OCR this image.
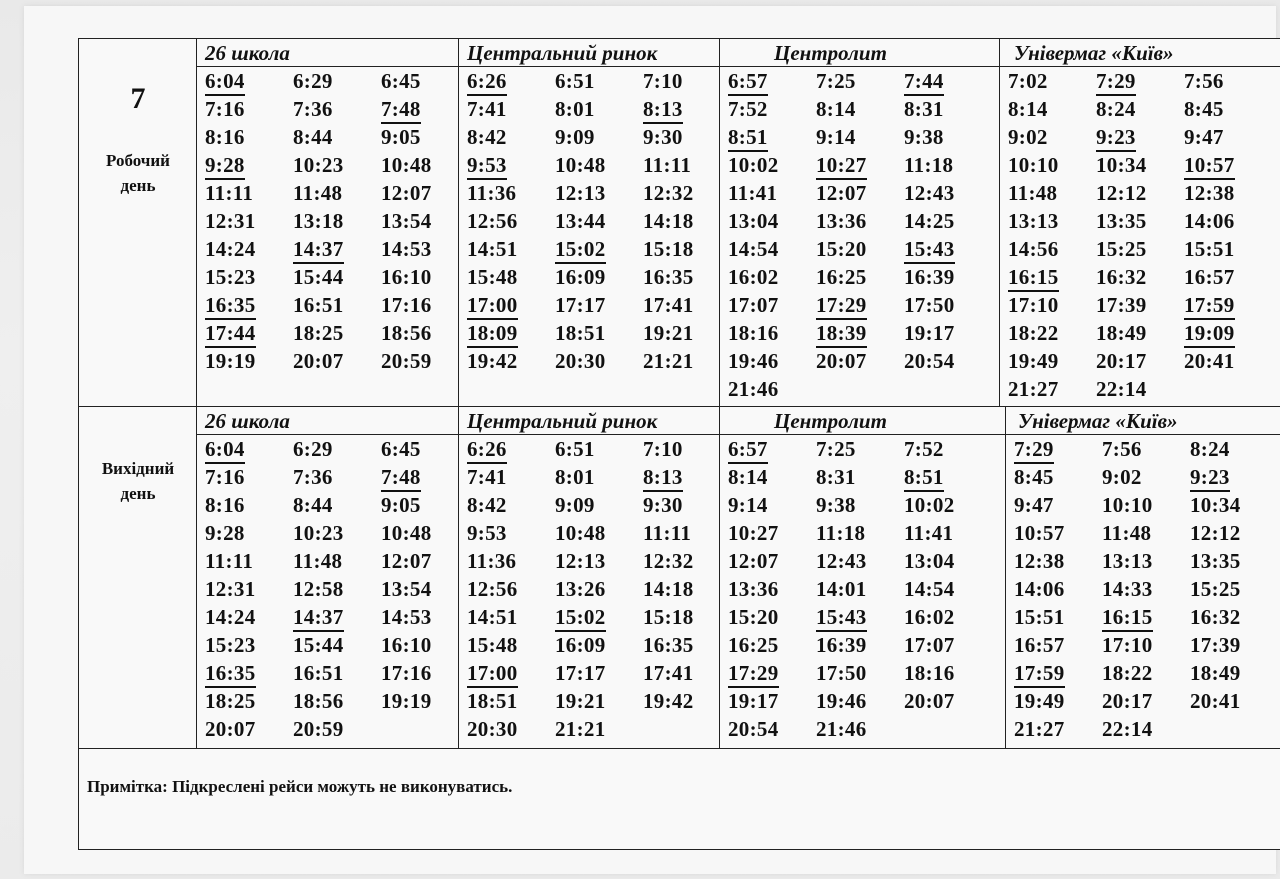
7
Робочий
день
26 школа
6:04	6:29	6:45
7:16	7:36	7:48
8:16	8:44	9:05
9:28	10:23	10:48
11:11	11:48	12:07
12:31	13:18	13:54
14:24	14:37	14:53
15:23	15:44	16:10
16:35	16:51	17:16
17:44	18:25	18:56
19:19	20:07	20:59
Центральний ринок
6:26	6:51	7:10
7:41	8:01	8:13
8:42	9:09	9:30
9:53	10:48	11:11
11:36	12:13	12:32
12:56	13:44	14:18
14:51	15:02	15:18
15:48	16:09	16:35
17:00	17:17	17:41
18:09	18:51	19:21
19:42	20:30	21:21
Центролит
6:57	7:25	7:44
7:52	8:14	8:31
8:51	9:14	9:38
10:02	10:27	11:18
11:41	12:07	12:43
13:04	13:36	14:25
14:54	15:20	15:43
16:02	16:25	16:39
17:07	17:29	17:50
18:16	18:39	19:17
19:46	20:07	20:54
21:46
Універмаг «Київ»
7:02	7:29	7:56
8:14	8:24	8:45
9:02	9:23	9:47
10:10	10:34	10:57
11:48	12:12	12:38
13:13	13:35	14:06
14:56	15:25	15:51
16:15	16:32	16:57
17:10	17:39	17:59
18:22	18:49	19:09
19:49	20:17	20:41
21:27	22:14
Вихідний
день
26 школа
6:04	6:29	6:45
7:16	7:36	7:48
8:16	8:44	9:05
9:28	10:23	10:48
11:11	11:48	12:07
12:31	12:58	13:54
14:24	14:37	14:53
15:23	15:44	16:10
16:35	16:51	17:16
18:25	18:56	19:19
20:07	20:59
Центральний ринок
6:26	6:51	7:10
7:41	8:01	8:13
8:42	9:09	9:30
9:53	10:48	11:11
11:36	12:13	12:32
12:56	13:26	14:18
14:51	15:02	15:18
15:48	16:09	16:35
17:00	17:17	17:41
18:51	19:21	19:42
20:30	21:21
Центролит
6:57	7:25	7:52
8:14	8:31	8:51
9:14	9:38	10:02
10:27	11:18	11:41
12:07	12:43	13:04
13:36	14:01	14:54
15:20	15:43	16:02
16:25	16:39	17:07
17:29	17:50	18:16
19:17	19:46	20:07
20:54	21:46
Універмаг «Київ»
7:29	7:56	8:24
8:45	9:02	9:23
9:47	10:10	10:34
10:57	11:48	12:12
12:38	13:13	13:35
14:06	14:33	15:25
15:51	16:15	16:32
16:57	17:10	17:39
17:59	18:22	18:49
19:49	20:17	20:41
21:27	22:14
Примітка: Підкреслені рейси можуть не виконуватись.
